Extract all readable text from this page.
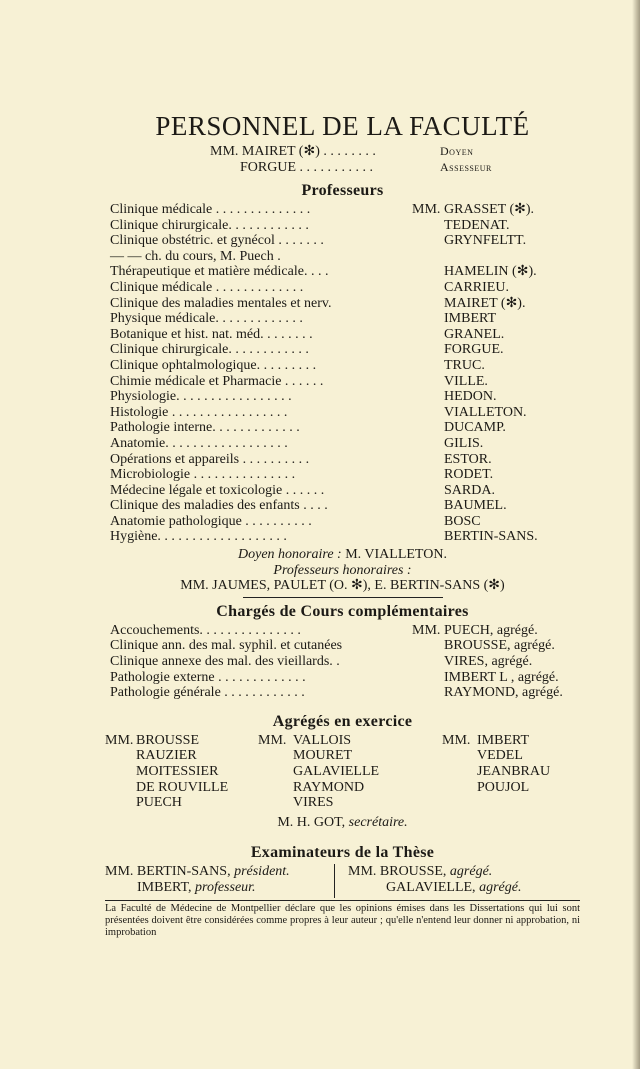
PERSONNEL DE LA FACULTÉ
MM. MAIRET (✻) . . . . . . . .	Doyen
FORGUE . . . . . . . . . . .	Assesseur
Professeurs
Clinique médicale . . . . . . . . . . . . . .	MM. GRASSET (✻).
Clinique chirurgicale. . . . . . . . . . . .	TEDENAT.
Clinique obstétric. et gynécol . . . . . . .	GRYNFELTT.
— — ch. du cours, M. Puech .
Thérapeutique et matière médicale. . . .	HAMELIN (✻).
Clinique médicale . . . . . . . . . . . . .	CARRIEU.
Clinique des maladies mentales et nerv.	MAIRET (✻).
Physique médicale. . . . . . . . . . . . .	IMBERT
Botanique et hist. nat. méd. . . . . . . .	GRANEL.
Clinique chirurgicale. . . . . . . . . . . .	FORGUE.
Clinique ophtalmologique. . . . . . . . .	TRUC.
Chimie médicale et Pharmacie . . . . . .	VILLE.
Physiologie. . . . . . . . . . . . . . . . .	HEDON.
Histologie . . . . . . . . . . . . . . . . .	VIALLETON.
Pathologie interne. . . . . . . . . . . . .	DUCAMP.
Anatomie. . . . . . . . . . . . . . . . . .	GILIS.
Opérations et appareils . . . . . . . . . .	ESTOR.
Microbiologie . . . . . . . . . . . . . . .	RODET.
Médecine légale et toxicologie . . . . . .	SARDA.
Clinique des maladies des enfants . . . .	BAUMEL.
Anatomie pathologique . . . . . . . . . .	BOSC
Hygiène. . . . . . . . . . . . . . . . . . .	BERTIN-SANS.
Doyen honoraire : M. VIALLETON.
Professeurs honoraires :
MM. JAUMES, PAULET (O. ✻), E. BERTIN-SANS (✻)
Chargés de Cours complémentaires
Accouchements. . . . . . . . . . . . . . .	MM. PUECH, agrégé.
Clinique ann. des mal. syphil. et cutanées	BROUSSE, agrégé.
Clinique annexe des mal. des vieillards. .	VIRES, agrégé.
Pathologie externe . . . . . . . . . . . . .	IMBERT L , agrégé.
Pathologie générale . . . . . . . . . . . .	RAYMOND, agrégé.
Agrégés en exercice
MM. BROUSSE
RAUZIER
MOITESSIER
DE ROUVILLE
PUECH
MM. VALLOIS
MOURET
GALAVIELLE
RAYMOND
VIRES
MM. IMBERT
VEDEL
JEANBRAU
POUJOL
M. H. GOT, secrétaire.
Examinateurs de la Thèse
MM. BERTIN-SANS, président.
IMBERT, professeur.
MM. BROUSSE, agrégé.
GALAVIELLE, agrégé.
La Faculté de Médecine de Montpellier déclare que les opinions émises dans les Dissertations qui lui sont présentées doivent être considérées comme propres à leur auteur ; qu'elle n'entend leur donner ni approbation, ni improbation
